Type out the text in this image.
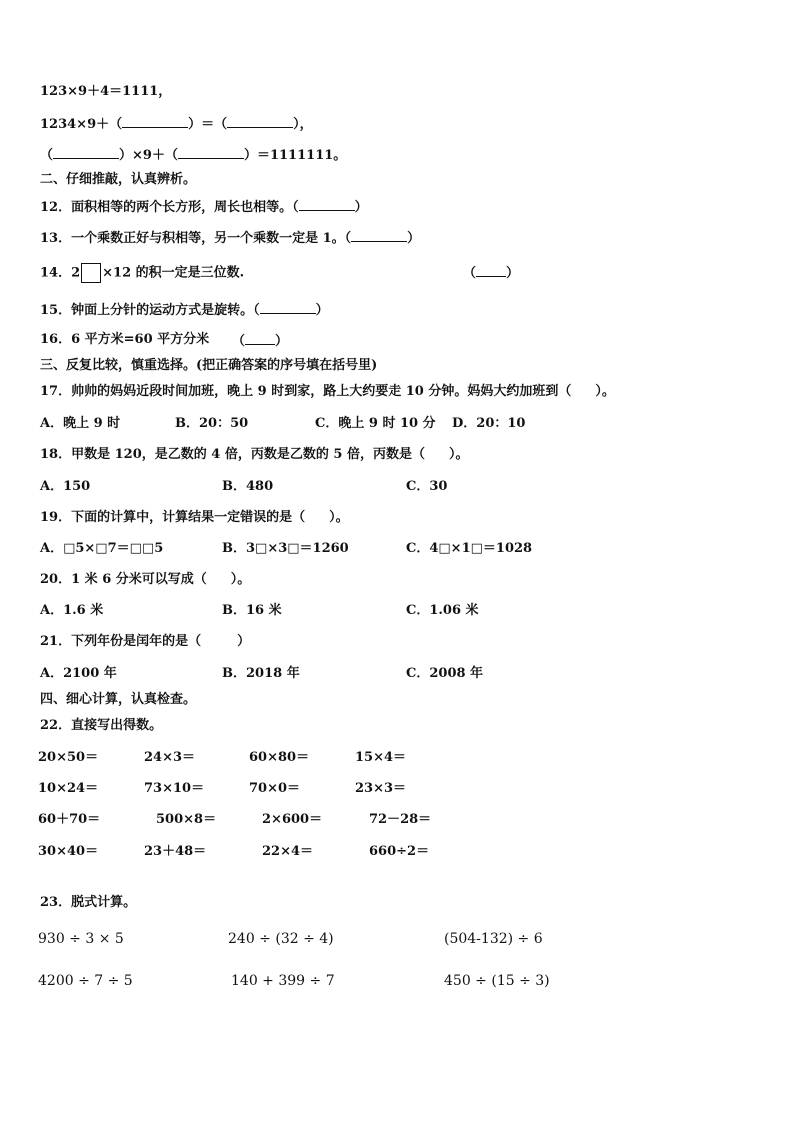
123×9＋4＝1111，
1234×9＋（	）＝（	），
（	）×9＋（	）＝1111111。
二、仔细推敲，认真辨析。
12．面积相等的两个长方形，周长也相等。（	）
13．一个乘数正好与积相等，另一个乘数一定是 1。（	）
14．2 ×12 的积一定是三位数.	（ ）
15．钟面上分针的运动方式是旋转。（	）
16．6 平方米=60 平方分米 （ ）
三、反复比较，慎重选择。(把正确答案的序号填在括号里)
17．帅帅的妈妈近段时间加班，晚上 9 时到家，路上大约要走 10 分钟。妈妈大约加班到（ ）。
A．晚上 9 时	B．20：50	C．晚上 9 时 10 分 D．20：10
18．甲数是 120，是乙数的 4 倍，丙数是乙数的 5 倍，丙数是（ ）。
A．150	B．480	C．30
19．下面的计算中，计算结果一定错误的是（ ）。
A．□5×□7＝□□5	B．3□×3□＝1260	C．4□×1□＝1028
20．1 米 6 分米可以写成（ ）。
A．1.6 米	B．16 米	C．1.06 米
21．下列年份是闰年的是（	）
A．2100 年	B．2018 年	C．2008 年
四、细心计算，认真检查。
22．直接写出得数。
20×50＝	24×3＝	60×80＝	15×4＝
10×24＝	73×10＝	70×0＝	23×3＝
60＋70＝	500×8＝	2×600＝	72－28＝
30×40＝	23＋48＝	22×4＝	660÷2＝
23．脱式计算。
930 ÷ 3 × 5	240 ÷ (32 ÷ 4)	(504-132) ÷ 6
4200 ÷ 7 ÷ 5	140 + 399 ÷ 7	450 ÷ (15 ÷ 3)
